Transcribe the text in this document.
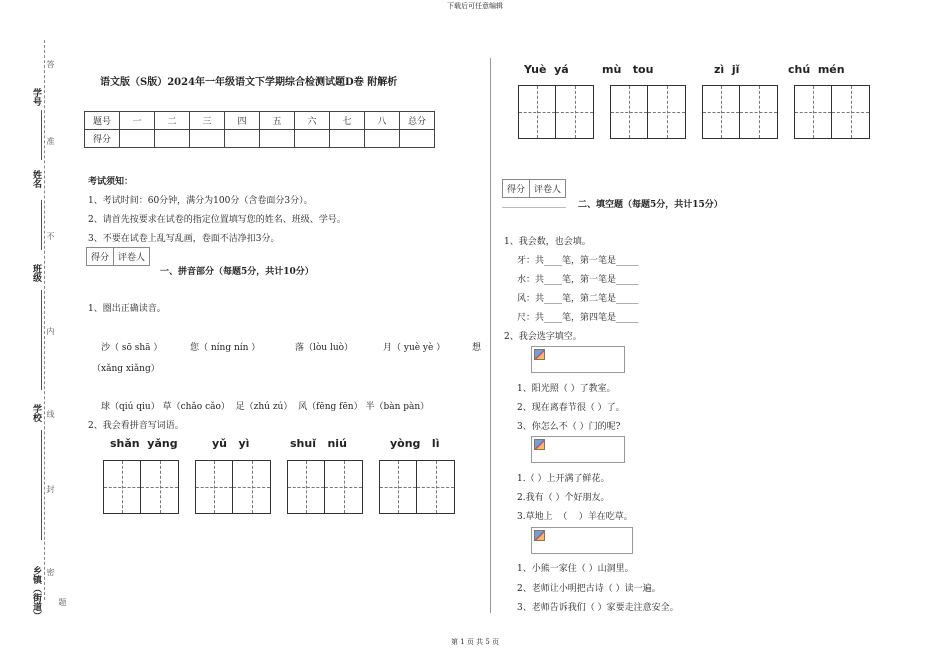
下载后可任意编辑
第 1 页 共 5 页
学号
姓名
班级
学校
乡镇（街道）
答
准
不
内
线
封
密
题
语文版（S版）2024年一年级语文下学期综合检测试题D卷 附解析
题号	一	二	三	四	五	六	七	八	总分
得分									
考试须知：
1、考试时间：60分钟，满分为100分（含卷面分3分）。
2、请首先按要求在试卷的指定位置填写您的姓名、班级、学号。
3、不要在试卷上乱写乱画，卷面不洁净扣3分。
得分 评卷人
一、拼音部分（每题5分，共计10分）
1、圈出正确读音。
沙（ sō shā ）	您（ níng nín ）	落（lòu luò）	月（ yuè yè ）	想
（xǎng xiǎng）
球（qiú qiu） 草（chǎo cǎo）  足（zhú zú）  风（fēng fēn） 半（bàn pàn）
2、我会看拼音写词语。
shǎn  yǎng	yǔ   yì	shuǐ   niú	yòng   lì
Yuè  yá	mù   tou	zì  jǐ	chú  mén
得分 评卷人
二、填空题（每题5分，共计15分）
1、我会数，也会填。
牙：共____笔，第一笔是_____
水：共____笔，第一笔是_____
风：共____笔，第二笔是_____
尺：共____笔，第四笔是_____
2、我会选字填空。
1、阳光照（ ）了教室。
2、现在离春节很（ ）了。
3、你怎么不（ ）门的呢?
1.（ ）上开满了鲜花。
2.我有（ ）个好朋友。
3.草地上  （    ）羊在吃草。
1、小熊一家住（ ）山洞里。
2、老师让小明把古诗（ ）读一遍。
3、老师告诉我们（ ）家要走注意安全。
